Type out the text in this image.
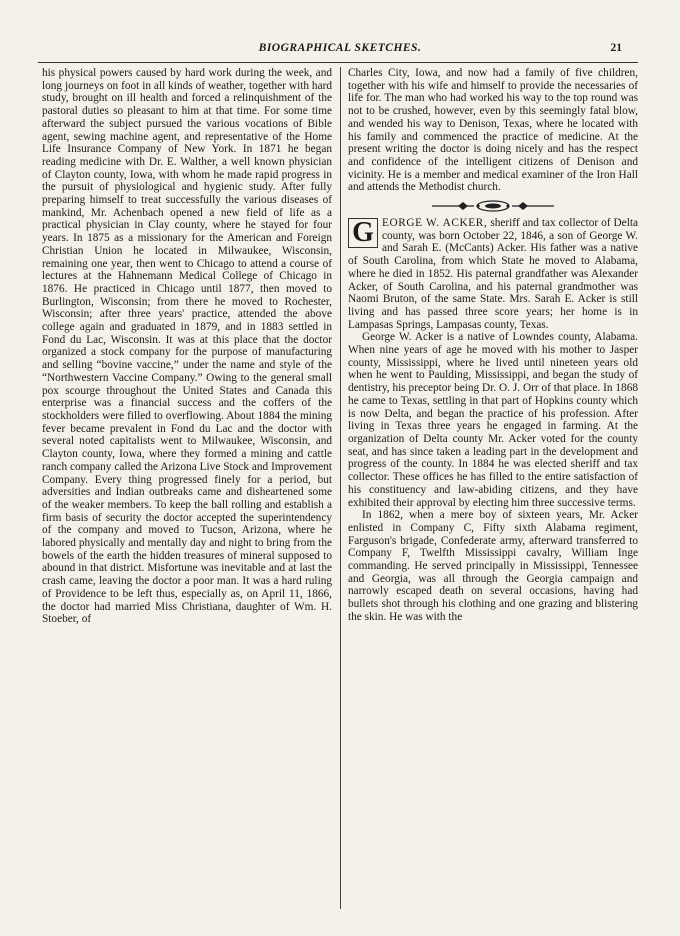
BIOGRAPHICAL SKETCHES.	21

his physical powers caused by hard work during the week, and long journeys on foot in all kinds of weather, together with hard study, brought on ill health and forced a relinquishment of the pastoral duties so pleasant to him at that time. For some time afterward the subject pursued the various vocations of Bible agent, sewing machine agent, and representative of the Home Life Insurance Company of New York. In 1871 he began reading medicine with Dr. E. Walther, a well known physician of Clayton county, Iowa, with whom he made rapid progress in the pursuit of physiological and hygienic study. After fully preparing himself to treat successfully the various diseases of mankind, Mr. Achenbach opened a new field of life as a practical physician in Clay county, where he stayed for four years. In 1875 as a missionary for the American and Foreign Christian Union he located in Milwaukee, Wisconsin, remaining one year, then went to Chicago to attend a course of lectures at the Hahnemann Medical College of Chicago in 1876. He practiced in Chicago until 1877, then moved to Burlington, Wisconsin; from there he moved to Rochester, Wisconsin; after three years' practice, attended the above college again and graduated in 1879, and in 1883 settled in Fond du Lac, Wisconsin. It was at this place that the doctor organized a stock company for the purpose of manufacturing and selling “bovine vaccine,” under the name and style of the “Northwestern Vaccine Company.” Owing to the general small pox scourge throughout the United States and Canada this enterprise was a financial success and the coffers of the stockholders were filled to overflowing. About 1884 the mining fever became prevalent in Fond du Lac and the doctor with several noted capitalists went to Milwaukee, Wisconsin, and Clayton county, Iowa, where they formed a mining and cattle ranch company called the Arizona Live Stock and Improvement Company. Every thing progressed finely for a period, but adversities and Indian outbreaks came and disheartened some of the weaker members. To keep the ball rolling and establish a firm basis of security the doctor accepted the superintendency of the company and moved to Tucson, Arizona, where he labored physically and mentally day and night to bring from the bowels of the earth the hidden treasures of mineral supposed to abound in that district. Misfortune was inevitable and at last the crash came, leaving the doctor a poor man. It was a hard ruling of Providence to be left thus, especially as, on April 11, 1866, the doctor had married Miss Christiana, daughter of Wm. H. Stoeber, of

Charles City, Iowa, and now had a family of five children, together with his wife and himself to provide the necessaries of life for. The man who had worked his way to the top round was not to be crushed, however, even by this seemingly fatal blow, and wended his way to Denison, Texas, where he located with his family and commenced the practice of medicine. At the present writing the doctor is doing nicely and has the respect and confidence of the intelligent citizens of Denison and vicinity. He is a member and medical examiner of the Iron Hall and attends the Methodist church.

G EORGE W. ACKER, sheriff and tax collector of Delta county, was born October 22, 1846, a son of George W. and Sarah E. (McCants) Acker. His father was a native of South Carolina, from which State he moved to Alabama, where he died in 1852. His paternal grandfather was Alexander Acker, of South Carolina, and his paternal grandmother was Naomi Bruton, of the same State. Mrs. Sarah E. Acker is still living and has passed three score years; her home is in Lampasas Springs, Lampasas county, Texas.

George W. Acker is a native of Lowndes county, Alabama. When nine years of age he moved with his mother to Jasper county, Mississippi, where he lived until nineteen years old when he went to Paulding, Mississippi, and began the study of dentistry, his preceptor being Dr. O. J. Orr of that place. In 1868 he came to Texas, settling in that part of Hopkins county which is now Delta, and began the practice of his profession. After living in Texas three years he engaged in farming. At the organization of Delta county Mr. Acker voted for the county seat, and has since taken a leading part in the development and progress of the county. In 1884 he was elected sheriff and tax collector. These offices he has filled to the entire satisfaction of his constituency and law-abiding citizens, and they have exhibited their approval by electing him three successive terms.

In 1862, when a mere boy of sixteen years, Mr. Acker enlisted in Company C, Fifty sixth Alabama regiment, Farguson's brigade, Confederate army, afterward transferred to Company F, Twelfth Mississippi cavalry, William Inge commanding. He served principally in Mississippi, Tennessee and Georgia, was all through the Georgia campaign and narrowly escaped death on several occasions, having had bullets shot through his clothing and one grazing and blistering the skin. He was with the
